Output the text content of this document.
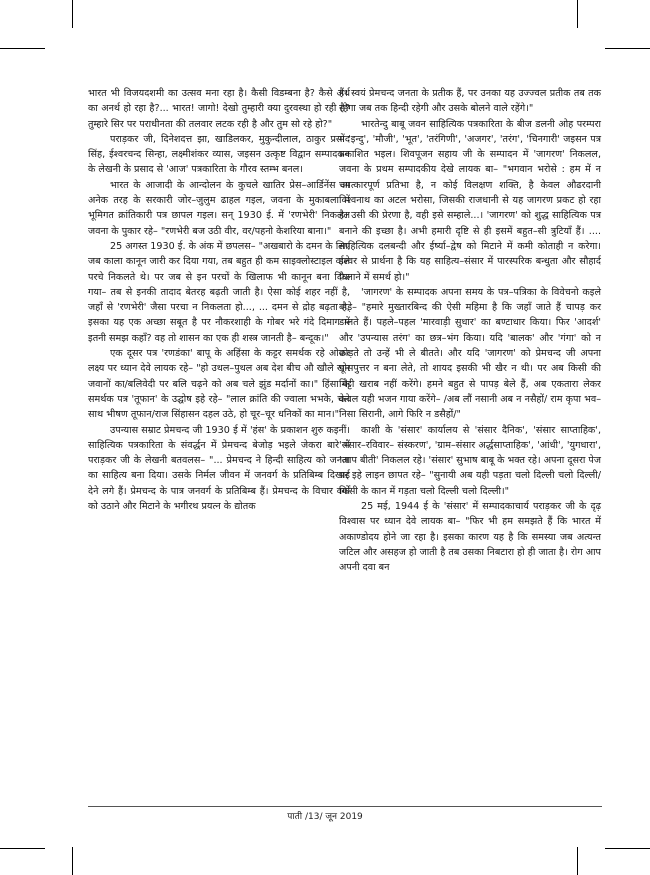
भारत भी विजयदशमी का उत्सव मना रहा है। कैसी विडम्बना है? कैसे अर्थ का अनर्थ हो रहा है?... भारत! जागो! देखो तुम्हारी क्या दुरवस्था हो रही है? तुम्हारे सिर पर पराधीनता की तलवार लटक रही है और तुम सो रहे हो?"

पराड़कर जी, दिनेशदत्त झा, खाडिलकर, मुकुन्दीलाल, ठाकुर प्रसाद सिंह, ईश्वरचन्द सिन्हा, लक्ष्मीशंकर व्यास, जइसन उत्कृष्ट विद्वान सम्पादकन के लेखनी के प्रसाद से 'आज' पत्रकारिता के गौरव स्तम्भ बनल।

भारत के आजादी के आन्दोलन के कुचले खातिर प्रेस–आर्डिनेंस आ अनेक तरह के सरकारी जोर–जुलुम ढाहल गइल, जवना के मुकाबला में भूमिगत क्रांतिकारी पत्र छापल गइल। सन् 1930 ई. में 'रणभेरी' निकलल जवना के पुकार रहे– "रणभेरी बज उठी वीर, वर/पहनो केशरिया बाना।"

25 अगस्त 1930 ई. के अंक में छपलस– "अखबारो के दमन के लिए जब काला कानून जारी कर दिया गया, तब बहुत ही कम साइक्लोस्टाइल वाले परचे निकलते थे। पर जब से इन परचों के खिलाफ भी कानून बना दिया गया– तब से इनकी तादाद बेतरह बढ़ती जाती है। ऐसा कोई शहर नहीं है, जहाँ से 'रणभेरी' जैसा परचा न निकलता हो..., ... दमन से द्रोह बढ़ता है, इसका यह एक अच्छा सबूत है पर नौकरशाही के गोबर भरे गंदे दिमाग में इतनी समझ कहाँ? वह तो शासन का एक ही शस्त्र जानती है– बन्दूक।"

एक दूसर पत्र 'रणडंका' बापू के अहिंसा के कट्टर समर्थक रहे ओकर लक्ष्य पर ध्यान देवे लायक रहे– "हो उथल–पुथल अब देश बीच औ खौले खून जवानों का/बलिवेदी पर बलि चढ़ने को अब चले झुंड मर्दानों का।" हिंसा के समर्थक पत्र 'तूफान' के उद्घोष इहे रहे– "लाल क्रांति की ज्वाला भभके, चले साथ भीषण तूफान/राज सिंहासन दहल उठे, हो चूर–चूर धनिकों का मान।"

उपन्यास सम्राट प्रेमचन्द जी 1930 ई में 'हंस' के प्रकाशन शुरु कइनीं। साहित्यिक पत्रकारिता के संवर्द्धन में प्रेमचन्द बेजोड़ भइले जेकरा बारे में पराड़कर जी के लेखनी बतवलस– "... प्रेमचन्द ने हिन्दी साहित्य को जनता का साहित्य बना दिया। उसके निर्मल जीवन में जनवर्ग के प्रतिबिम्ब दिखाई देने लगे हैं। प्रेमचन्द के पात्र जनवर्ग के प्रतिबिम्ब हैं। प्रेमचन्द के विचार वर्गों को उठाने और मिटाने के भगीरथ प्रयत्न के द्योतक

हैं। स्वयं प्रेमचन्द जनता के प्रतीक हैं, पर उनका यह उज्ज्वल प्रतीक तब तक रहेगा जब तक हिन्दी रहेगी और उसके बोलने वाले रहेंगे।"

भारतेन्दु बाबू जवन साहित्यिक पत्रकारिता के बीज डलनी ओह परम्परा में 'इन्दु', 'मौजी', 'भूत', 'तरंगिणी', 'अजगर', 'तरंग', 'चिनगारी' जइसन पत्र प्रकाशित भइल। शिवपूजन सहाय जी के सम्पादन में 'जागरण' निकलल, जवना के प्रथम सम्पादकीय देखे लायक बा– "भगवान भरोसे : हम में न चमत्कारपूर्ण प्रतिभा है, न कोई विलक्षण शक्ति, है केवल औढरदानी विश्वनाथ का अटल भरोसा, जिसकी राजधानी से यह जागरण प्रकट हो रहा है। उसी की प्रेरणा है, वही इसे सम्हाले...। 'जागरण' को शुद्ध साहित्यिक पत्र बनाने की इच्छा है। अभी हमारी दृष्टि से ही इसमें बहुत–सी त्रुटियाँ हैं। .... साहित्यिक दलबन्दी और ईर्ष्या–द्वेष को मिटाने में कमी कोताही न करेगा। ईश्वर से प्रार्थना है कि यह साहित्य–संसार में पारस्परिक बन्धुता और सौहार्द फैलाने में समर्थ हो।"

'जागरण' के सम्पादक अपना समय के पत्र–पत्रिका के विवेचनो कइले बाड़े– "हमारे मुख्तारबिन्द की ऐसी महिमा है कि जहाँ जाते हैं चापड़ कर डालते हैं। पहले–पहल 'मारवाड़ी सुधार' का बण्टाधार किया। फिर 'आदर्श' और 'उपन्यास तरंग' का छत्र–भंग किया। यदि 'बालक' और 'गंगा' को न छोड़ते तो उन्हें भी ले बीतते। और यदि 'जागरण' को प्रेमचन्द जी अपना पोसपुत्तर न बना लेते, तो शायद इसकी भी खैर न थी। पर अब किसी की मिट्टी खराब नहीं करेंगे। हमने बहुत से पापड़ बेले हैं, अब एकतारा लेकर केवल यही भजन गाया करेंगे– /अब लौं नसानी अब न नसैहों/ राम कृपा भव–निसा सिरानी, आगे फिरि न डसैहों/"

काशी के 'संसार' कार्यालय से 'संसार दैनिक', 'संसार साप्ताहिक', 'संसार–रविवार– संस्करण', 'ग्राम–संसार अर्द्धसाप्ताहिक', 'आंधी', 'युगधारा', 'आप बीती' निकलल रहे। 'संसार' सुभाष बाबू के भक्त रहे। अपना दूसरा पेज पर इहे लाइन छापत रहे– "सुनायी अब यही पड़ता चलो दिल्ली चलो दिल्ली/किसी के कान में गड़ता चलो दिल्ली चलो दिल्ली।"

25 मई, 1944 ई के 'संसार' में सम्पादकाचार्य पराड़कर जी के दृढ़ विश्वास पर ध्यान देवे लायक बा– "फिर भी हम समझते हैं कि भारत में अकाण्डोदय होने जा रहा है। इसका कारण यह है कि समस्या जब अत्यन्त जटिल और असहज हो जाती है तब उसका निबटारा हो ही जाता है। रोग आप अपनी दवा बन

पाती /13/ जून 2019
